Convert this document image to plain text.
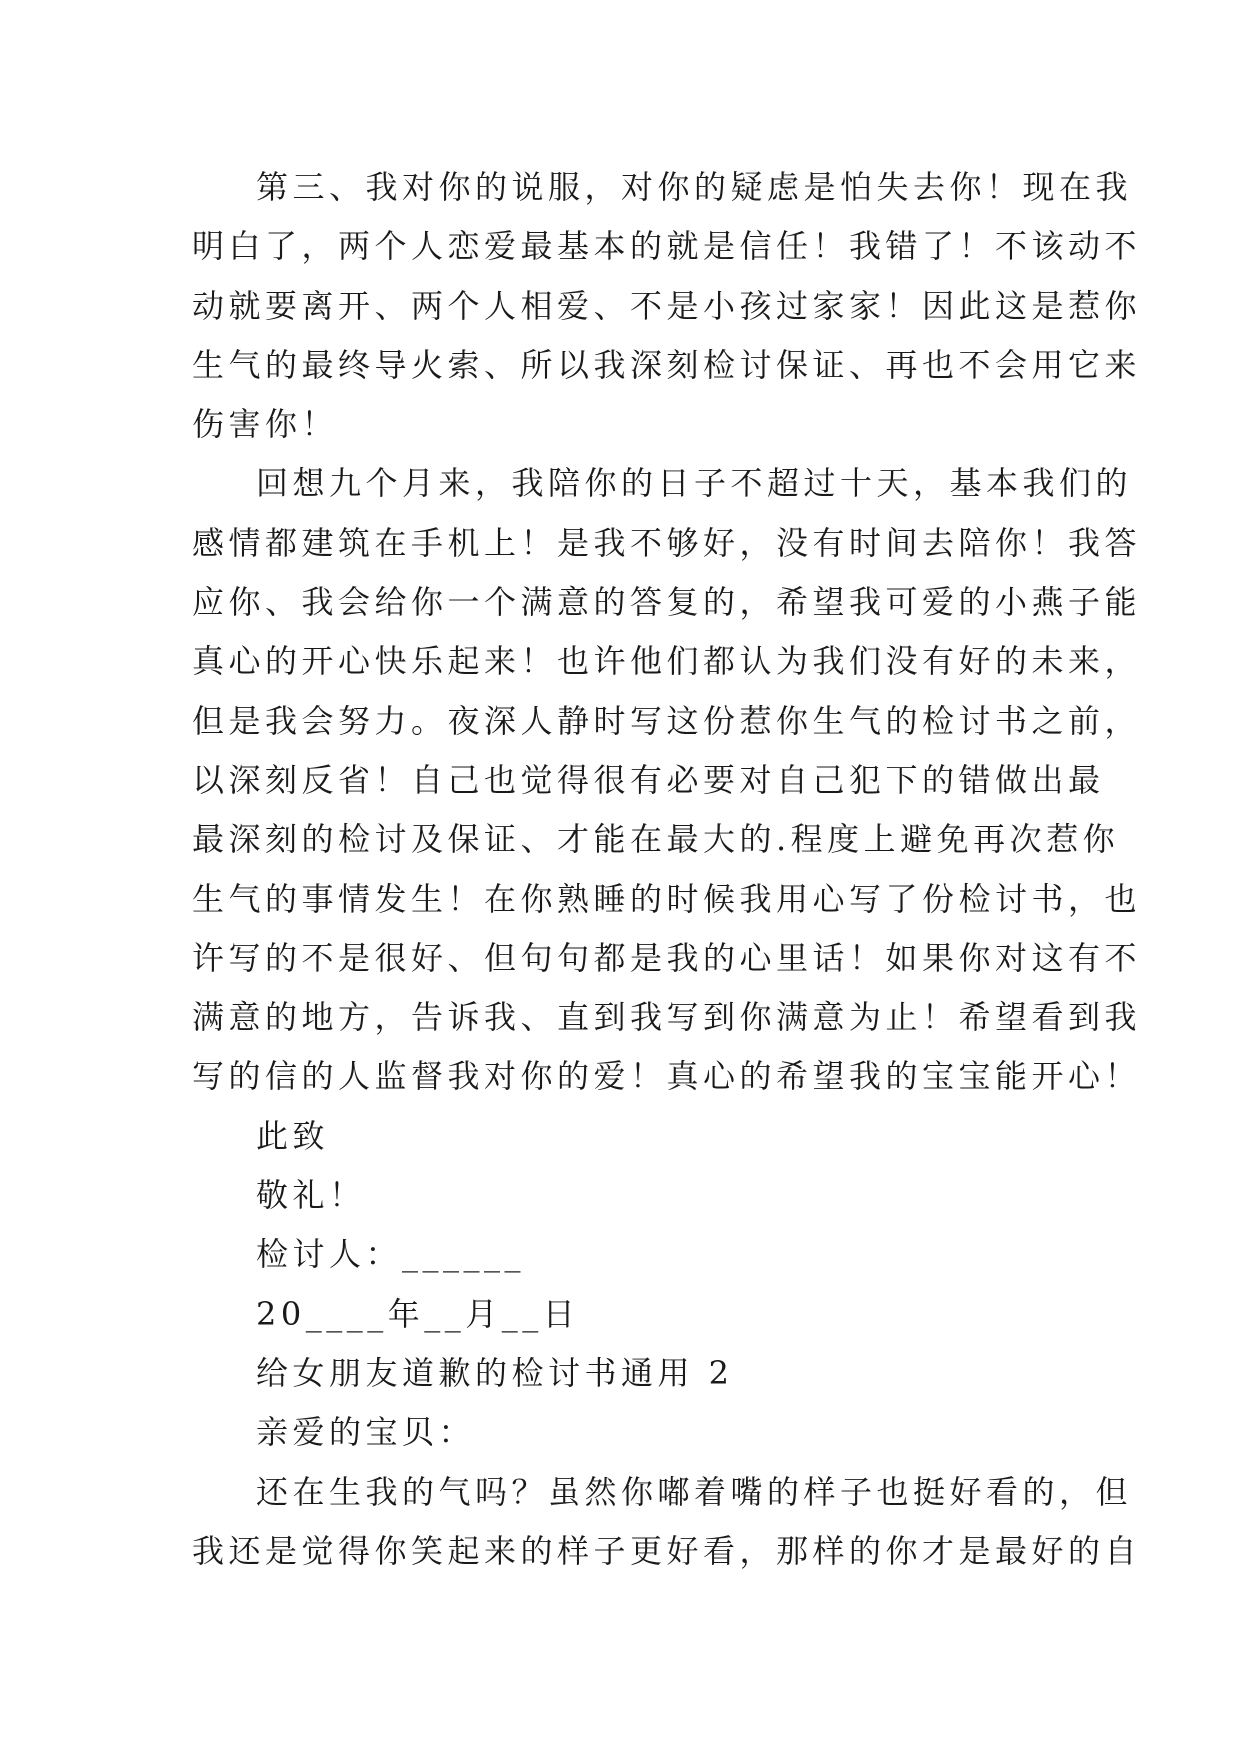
第三、我对你的说服，对你的疑虑是怕失去你！现在我
明白了，两个人恋爱最基本的就是信任！我错了！不该动不
动就要离开、两个人相爱、不是小孩过家家！因此这是惹你
生气的最终导火索、所以我深刻检讨保证、再也不会用它来
伤害你！
回想九个月来，我陪你的日子不超过十天，基本我们的
感情都建筑在手机上！是我不够好，没有时间去陪你！我答
应你、我会给你一个满意的答复的，希望我可爱的小燕子能
真心的开心快乐起来！也许他们都认为我们没有好的未来，
但是我会努力。夜深人静时写这份惹你生气的检讨书之前，
以深刻反省！自己也觉得很有必要对自己犯下的错做出最
最深刻的检讨及保证、才能在最大的.程度上避免再次惹你
生气的事情发生！在你熟睡的时候我用心写了份检讨书，也
许写的不是很好、但句句都是我的心里话！如果你对这有不
满意的地方，告诉我、直到我写到你满意为止！希望看到我
写的信的人监督我对你的爱！真心的希望我的宝宝能开心！
此致
敬礼！
检讨人：______
20____年__月__日
给女朋友道歉的检讨书通用 2
亲爱的宝贝：
还在生我的气吗？虽然你嘟着嘴的样子也挺好看的，但
我还是觉得你笑起来的样子更好看，那样的你才是最好的自
